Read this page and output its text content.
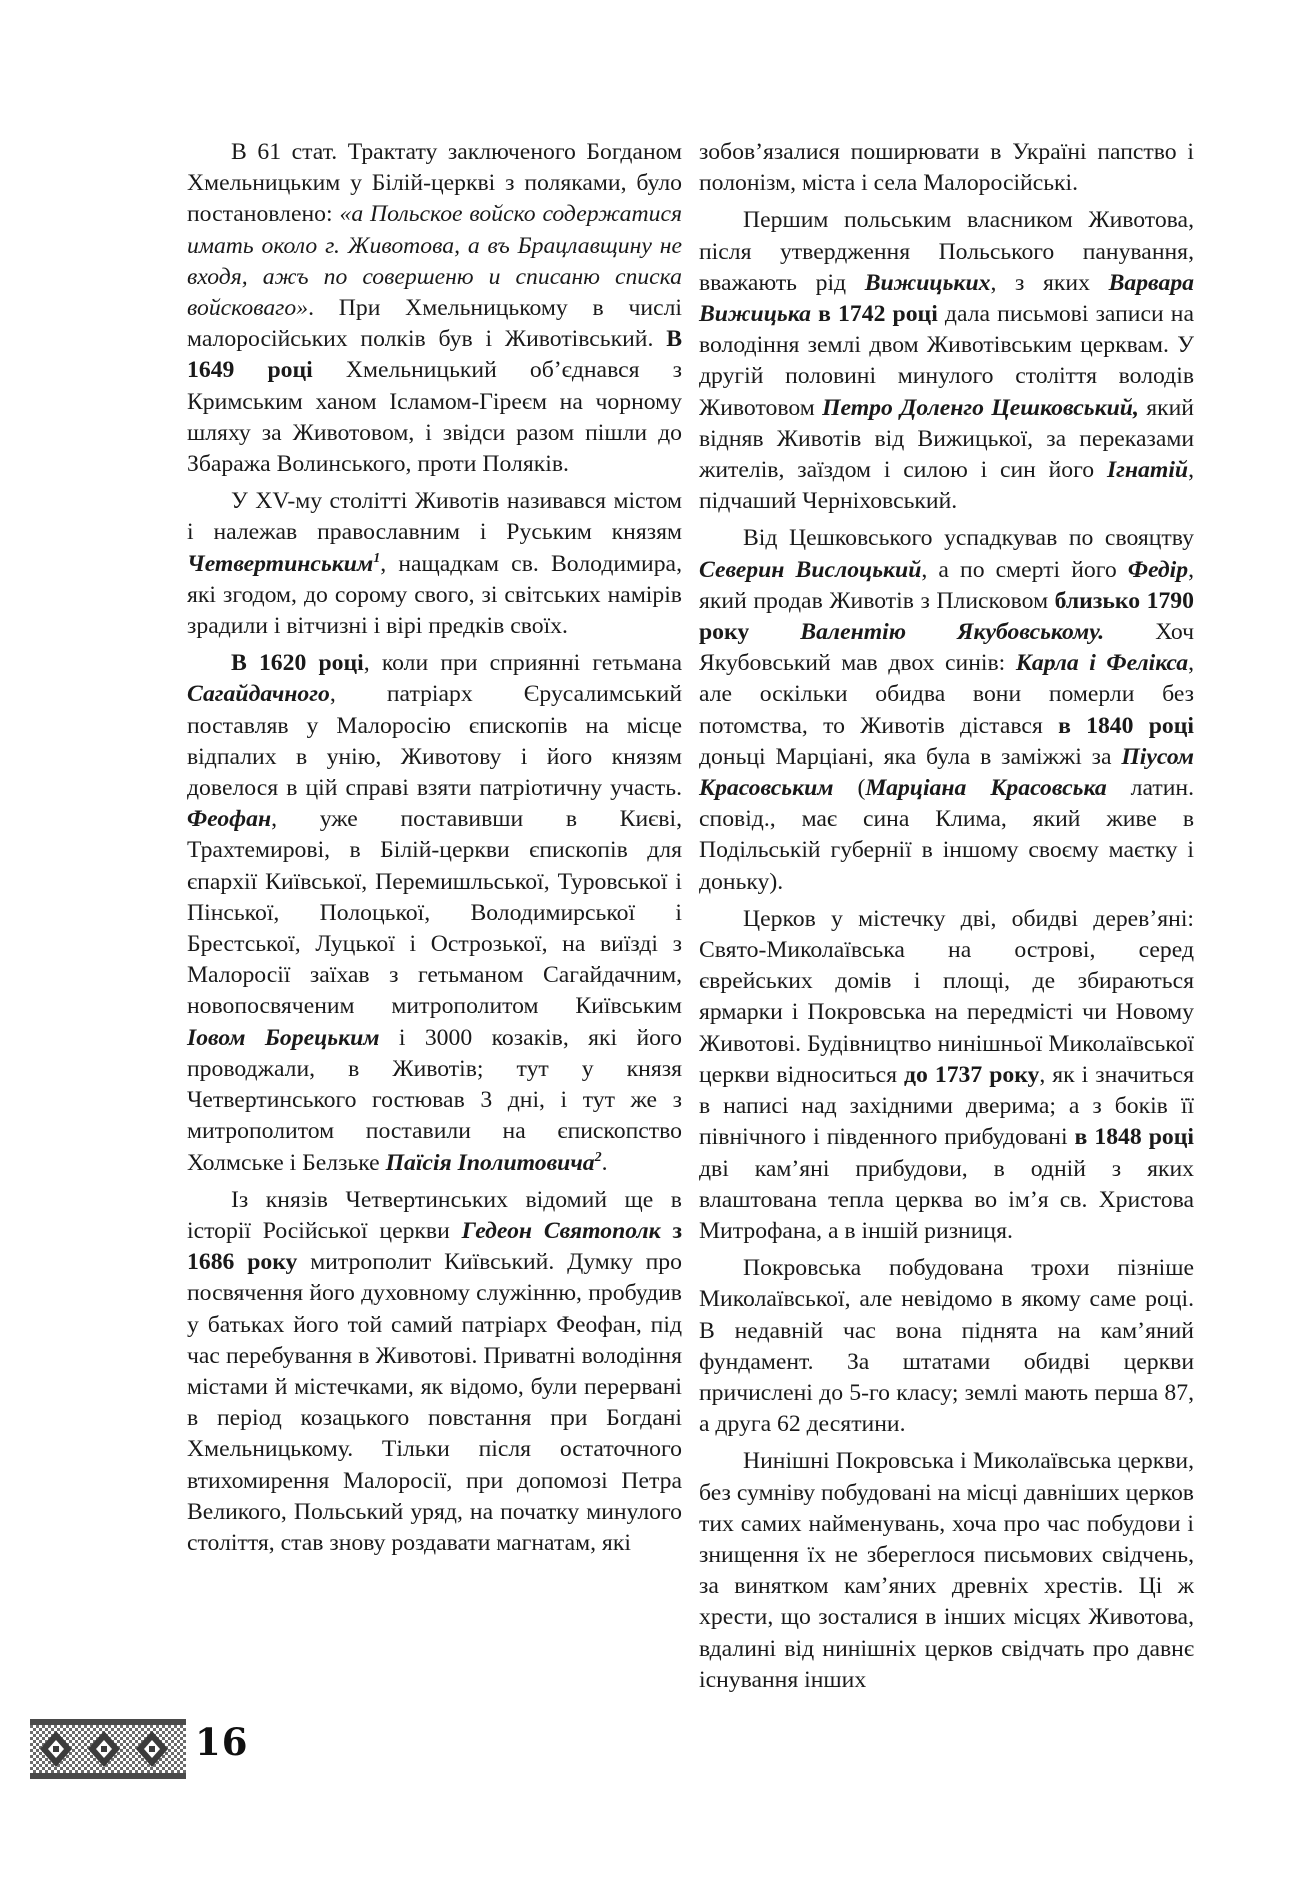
В 61 стат. Трактату заключеного Богданом Хмельницьким у Білій-церкві з поляками, було постановлено: «а Польское войско содержатися имать около г. Животова, а въ Брацлавщину не входя, ажъ по совершеню и списаню списка войсковаго». При Хмельницькому в числі малоросійських полків був і Животівський. В 1649 році Хмельницький об’єднався з Кримським ханом Ісламом-Гіреєм на чорному шляху за Животовом, і звідси разом пішли до Збаража Волинського, проти Поляків.

У XV-му столітті Животів називався містом і належав православним і Руським князям Четвертинським$^1$, нащадкам св. Володимира, які згодом, до сорому свого, зі світських намірів зрадили і вітчизні і вірі предків своїх.

В 1620 році, коли при сприянні гетьмана Сагайдачного, патріарх Єрусалимський поставляв у Малоросію єпископів на місце відпалих в унію, Животову і його князям довелося в цій справі взяти патріотичну участь. Феофан, уже поставивши в Києві, Трахтемирові, в Білій-церкви єпископів для єпархії Київської, Перемишльської, Туровської і Пінської, Полоцької, Володимирської і Брестської, Луцької і Острозької, на виїзді з Малоросії заїхав з гетьманом Сагайдачним, новопосвяченим митрополитом Київським Іовом Борецьким і 3000 козаків, які його проводжали, в Животів; тут у князя Четвертинського гостював 3 дні, і тут же з митрополитом поставили на єпископство Холмське і Белзьке Паїсія Іполитовича$^2$.

Із князів Четвертинських відомий ще в історії Російської церкви Гедеон Святополк з 1686 року митрополит Київський. Думку про посвячення його духовному служінню, пробудив у батьках його той самий патріарх Феофан, під час перебування в Животові. Приватні володіння містами й містечками, як відомо, були перервані в період козацького повстання при Богдані Хмельницькому. Тільки після остаточного втихомирення Малоросії, при допомозі Петра Великого, Польський уряд, на початку минулого століття, став знову роздавати магнатам, які

зобов’язалися поширювати в Україні папство і полонізм, міста і села Малоросійські.

Першим польським власником Животова, після утвердження Польського панування, вважають рід Вижицьких, з яких Варвара Вижицька в 1742 році дала письмові записи на володіння землі двом Животівським церквам. У другій половині минулого століття володів Животовом Петро Доленго Цешковський, який відняв Животів від Вижицької, за переказами жителів, заїздом і силою і син його Ігнатій, підчаший Черніховський.

Від Цешковського успадкував по свояцтву Северин Вислоцький, а по смерті його Федір, який продав Животів з Плисковом близько 1790 року Валентію Якубовському. Хоч Якубовський мав двох синів: Карла і Фелікса, але оскільки обидва вони померли без потомства, то Животів дістався в 1840 році доньці Марціані, яка була в заміжжі за Піусом Красовським (Марціана Красовська латин. сповід., має сина Клима, який живе в Подільській губернії в іншому своєму маєтку і доньку).

Церков у містечку дві, обидві дерев’яні: Свято-Миколаївська на острові, серед єврейських домів і площі, де збираються ярмарки і Покровська на передмісті чи Новому Животові. Будівництво нинішньої Миколаївської церкви відноситься до 1737 року, як і значиться в написі над західними дверима; а з боків її північного і південного прибудовані в 1848 році дві кам’яні прибудови, в одній з яких влаштована тепла церква во ім’я св. Христова Митрофана, а в іншій ризниця.

Покровська побудована трохи пізніше Миколаївської, але невідомо в якому саме році. В недавній час вона піднята на кам’яний фундамент. За штатами обидві церкви причислені до 5-го класу; землі мають перша 87, а друга 62 десятини.

Нинішні Покровська і Миколаївська церкви, без сумніву побудовані на місці давніших церков тих самих найменувань, хоча про час побудови і знищення їх не збереглося письмових свідчень, за винятком кам’яних древніх хрестів. Ці ж хрести, що зосталися в інших місцях Животова, вдалині від нинішніх церков свідчать про давнє існування інших

16
